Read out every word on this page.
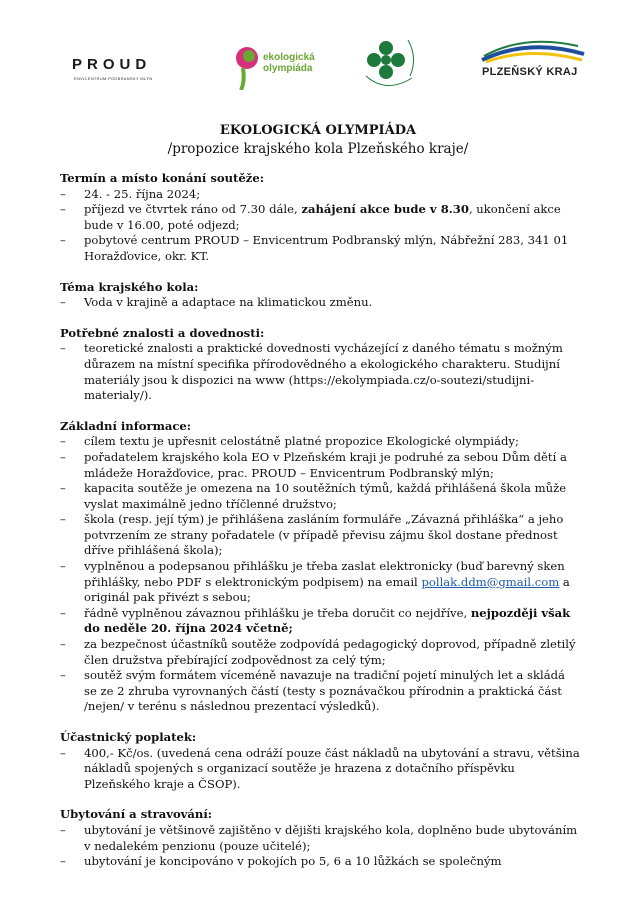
PROUD
ENVICENTRUM PODBRANSKÝ MLÝN
ekologická
olympiáda	PLZEŇSKÝ KRAJ
EKOLOGICKÁ OLYMPIÁDA
/propozice krajského kola Plzeňského kraje/
Termín a místo konání soutěže:
– 24. - 25. října 2024;
– příjezd ve čtvrtek ráno od 7.30 dále, zahájení akce bude v 8.30, ukončení akce bude v 16.00, poté odjezd;
– pobytové centrum PROUD – Envicentrum Podbranský mlýn, Nábřežní 283, 341 01 Horažďovice, okr. KT.
Téma krajského kola:
– Voda v krajině a adaptace na klimatickou změnu.
Potřebné znalosti a dovednosti:
– teoretické znalosti a praktické dovednosti vycházející z daného tématu s možným důrazem na místní specifika přírodovědného a ekologického charakteru. Studijní materiály jsou k dispozici na www (https://ekolympiada.cz/o-soutezi/studijni-materialy/).
Základní informace:
– cílem textu je upřesnit celostátně platné propozice Ekologické olympiády;
– pořadatelem krajského kola EO v Plzeňském kraji je podruhé za sebou Dům dětí a mládeže Horažďovice, prac. PROUD – Envicentrum Podbranský mlýn;
– kapacita soutěže je omezena na 10 soutěžních týmů, každá přihlášená škola může vyslat maximálně jedno tříčlenné družstvo;
– škola (resp. její tým) je přihlášena zasláním formuláře „Závazná přihláška“ a jeho potvrzením ze strany pořadatele (v případě převisu zájmu škol dostane přednost dříve přihlášená škola);
– vyplněnou a podepsanou přihlášku je třeba zaslat elektronicky (buď barevný sken přihlášky, nebo PDF s elektronickým podpisem) na email pollak.ddm@gmail.com a originál pak přivézt s sebou;
– řádně vyplněnou závaznou přihlášku je třeba doručit co nejdříve, nejpozději však do neděle 20. října 2024 včetně;
– za bezpečnost účastníků soutěže zodpovídá pedagogický doprovod, případně zletilý člen družstva přebírající zodpovědnost za celý tým;
– soutěž svým formátem víceméně navazuje na tradiční pojetí minulých let a skládá se ze 2 zhruba vyrovnaných částí (testy s poznávačkou přírodnin a praktická část /nejen/ v terénu s následnou prezentací výsledků).
Účastnický poplatek:
– 400,- Kč/os. (uvedená cena odráží pouze část nákladů na ubytování a stravu, většina nákladů spojených s organizací soutěže je hrazena z dotačního příspěvku Plzeňského kraje a ČSOP).
Ubytování a stravování:
– ubytování je většinově zajištěno v dějišti krajského kola, doplněno bude ubytováním v nedalekém penzionu (pouze učitelé);
– ubytování je koncipováno v pokojích po 5, 6 a 10 lůžkách se společným
